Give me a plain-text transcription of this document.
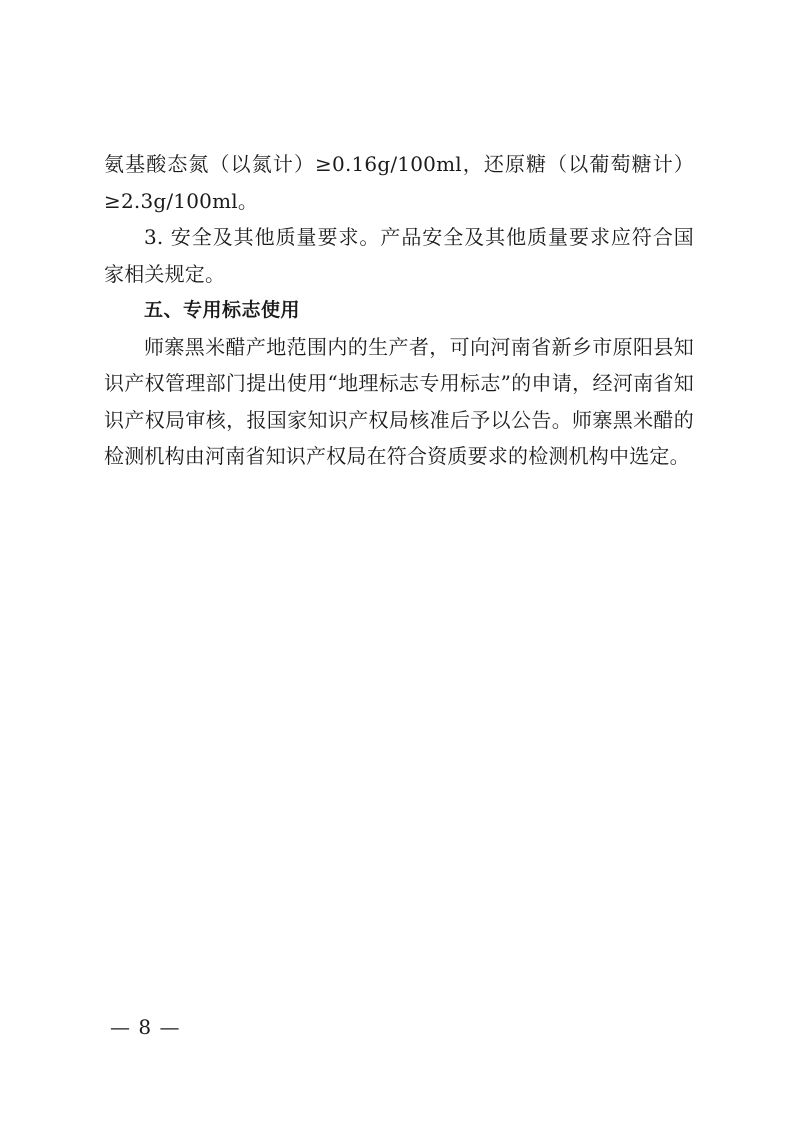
氨基酸态氮（以氮计）≥0.16g/100ml，还原糖（以葡萄糖计）≥2.3g/100ml。

3. 安全及其他质量要求。产品安全及其他质量要求应符合国家相关规定。

五、专用标志使用

师寨黑米醋产地范围内的生产者，可向河南省新乡市原阳县知识产权管理部门提出使用“地理标志专用标志”的申请，经河南省知识产权局审核，报国家知识产权局核准后予以公告。师寨黑米醋的检测机构由河南省知识产权局在符合资质要求的检测机构中选定。

— 8 —
